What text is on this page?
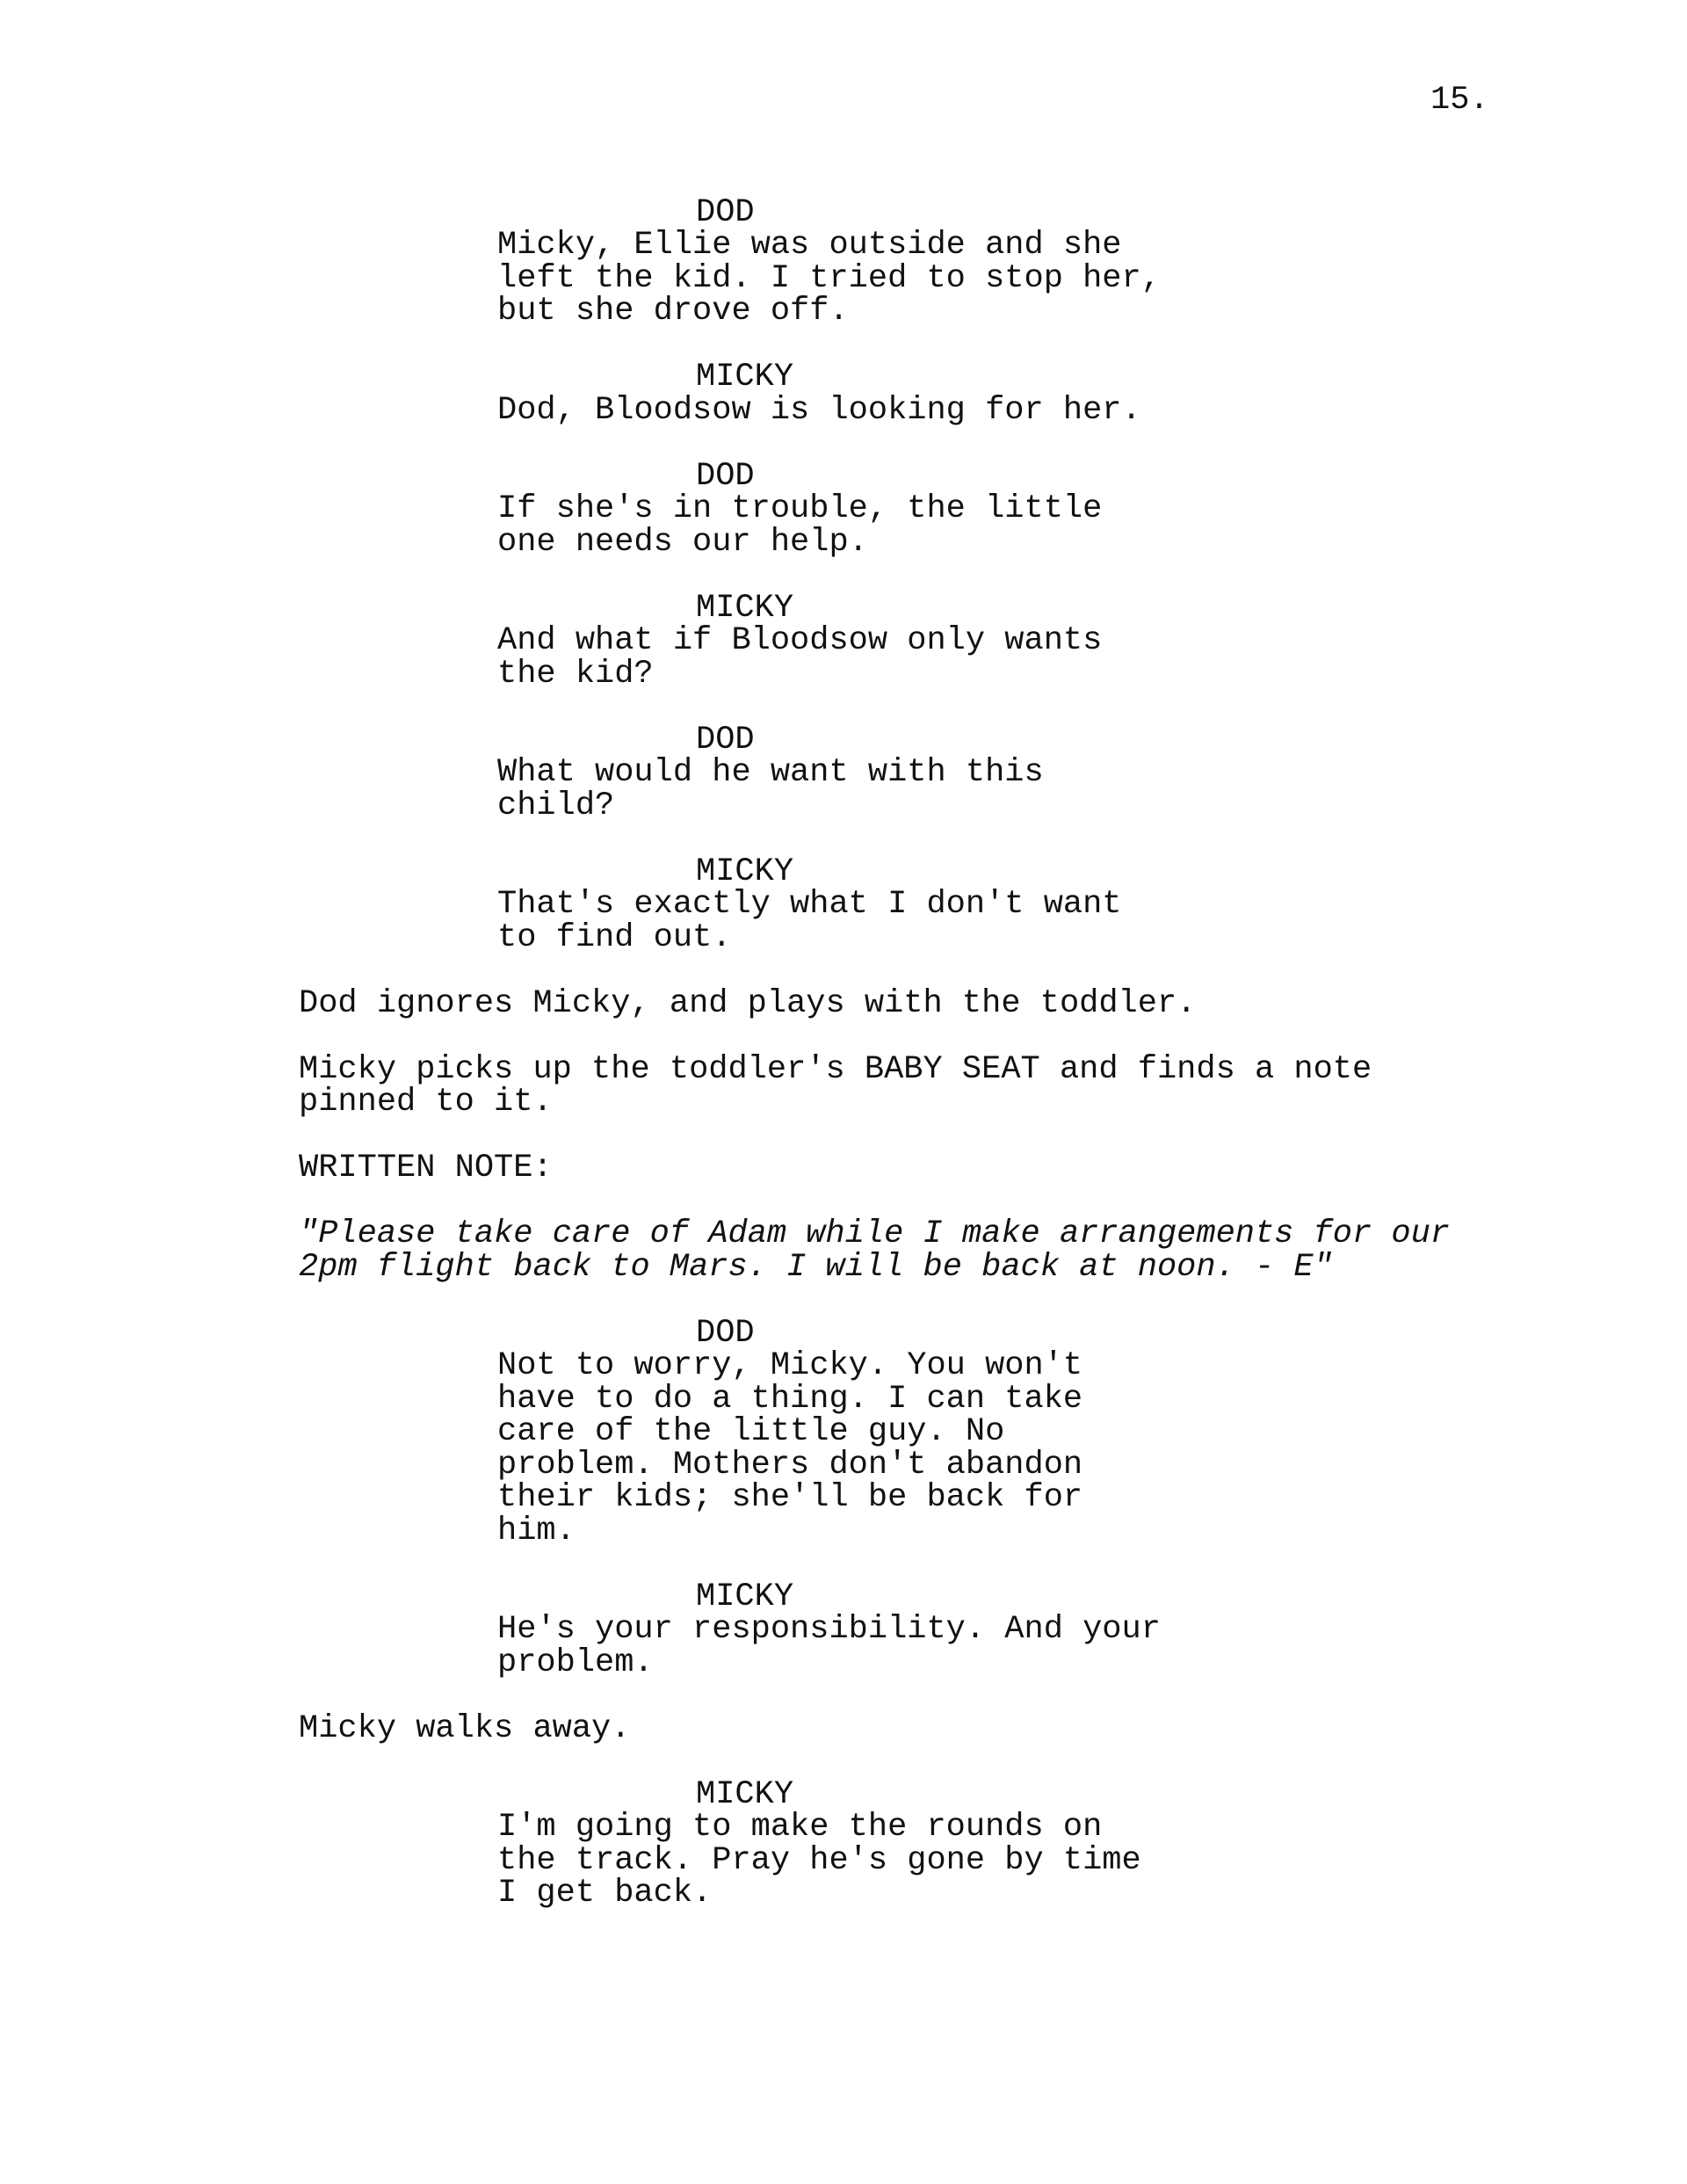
15.
DOD
Micky, Ellie was outside and she
left the kid. I tried to stop her,
but she drove off.
MICKY
Dod, Bloodsow is looking for her.
DOD
If she's in trouble, the little
one needs our help.
MICKY
And what if Bloodsow only wants
the kid?
DOD
What would he want with this
child?
MICKY
That's exactly what I don't want
to find out.
Dod ignores Micky, and plays with the toddler.
Micky picks up the toddler's BABY SEAT and finds a note
pinned to it.
WRITTEN NOTE:
"Please take care of Adam while I make arrangements for our
2pm flight back to Mars. I will be back at noon. - E"
DOD
Not to worry, Micky. You won't
have to do a thing. I can take
care of the little guy. No
problem. Mothers don't abandon
their kids; she'll be back for
him.
MICKY
He's your responsibility. And your
problem.
Micky walks away.
MICKY
I'm going to make the rounds on
the track. Pray he's gone by time
I get back.
